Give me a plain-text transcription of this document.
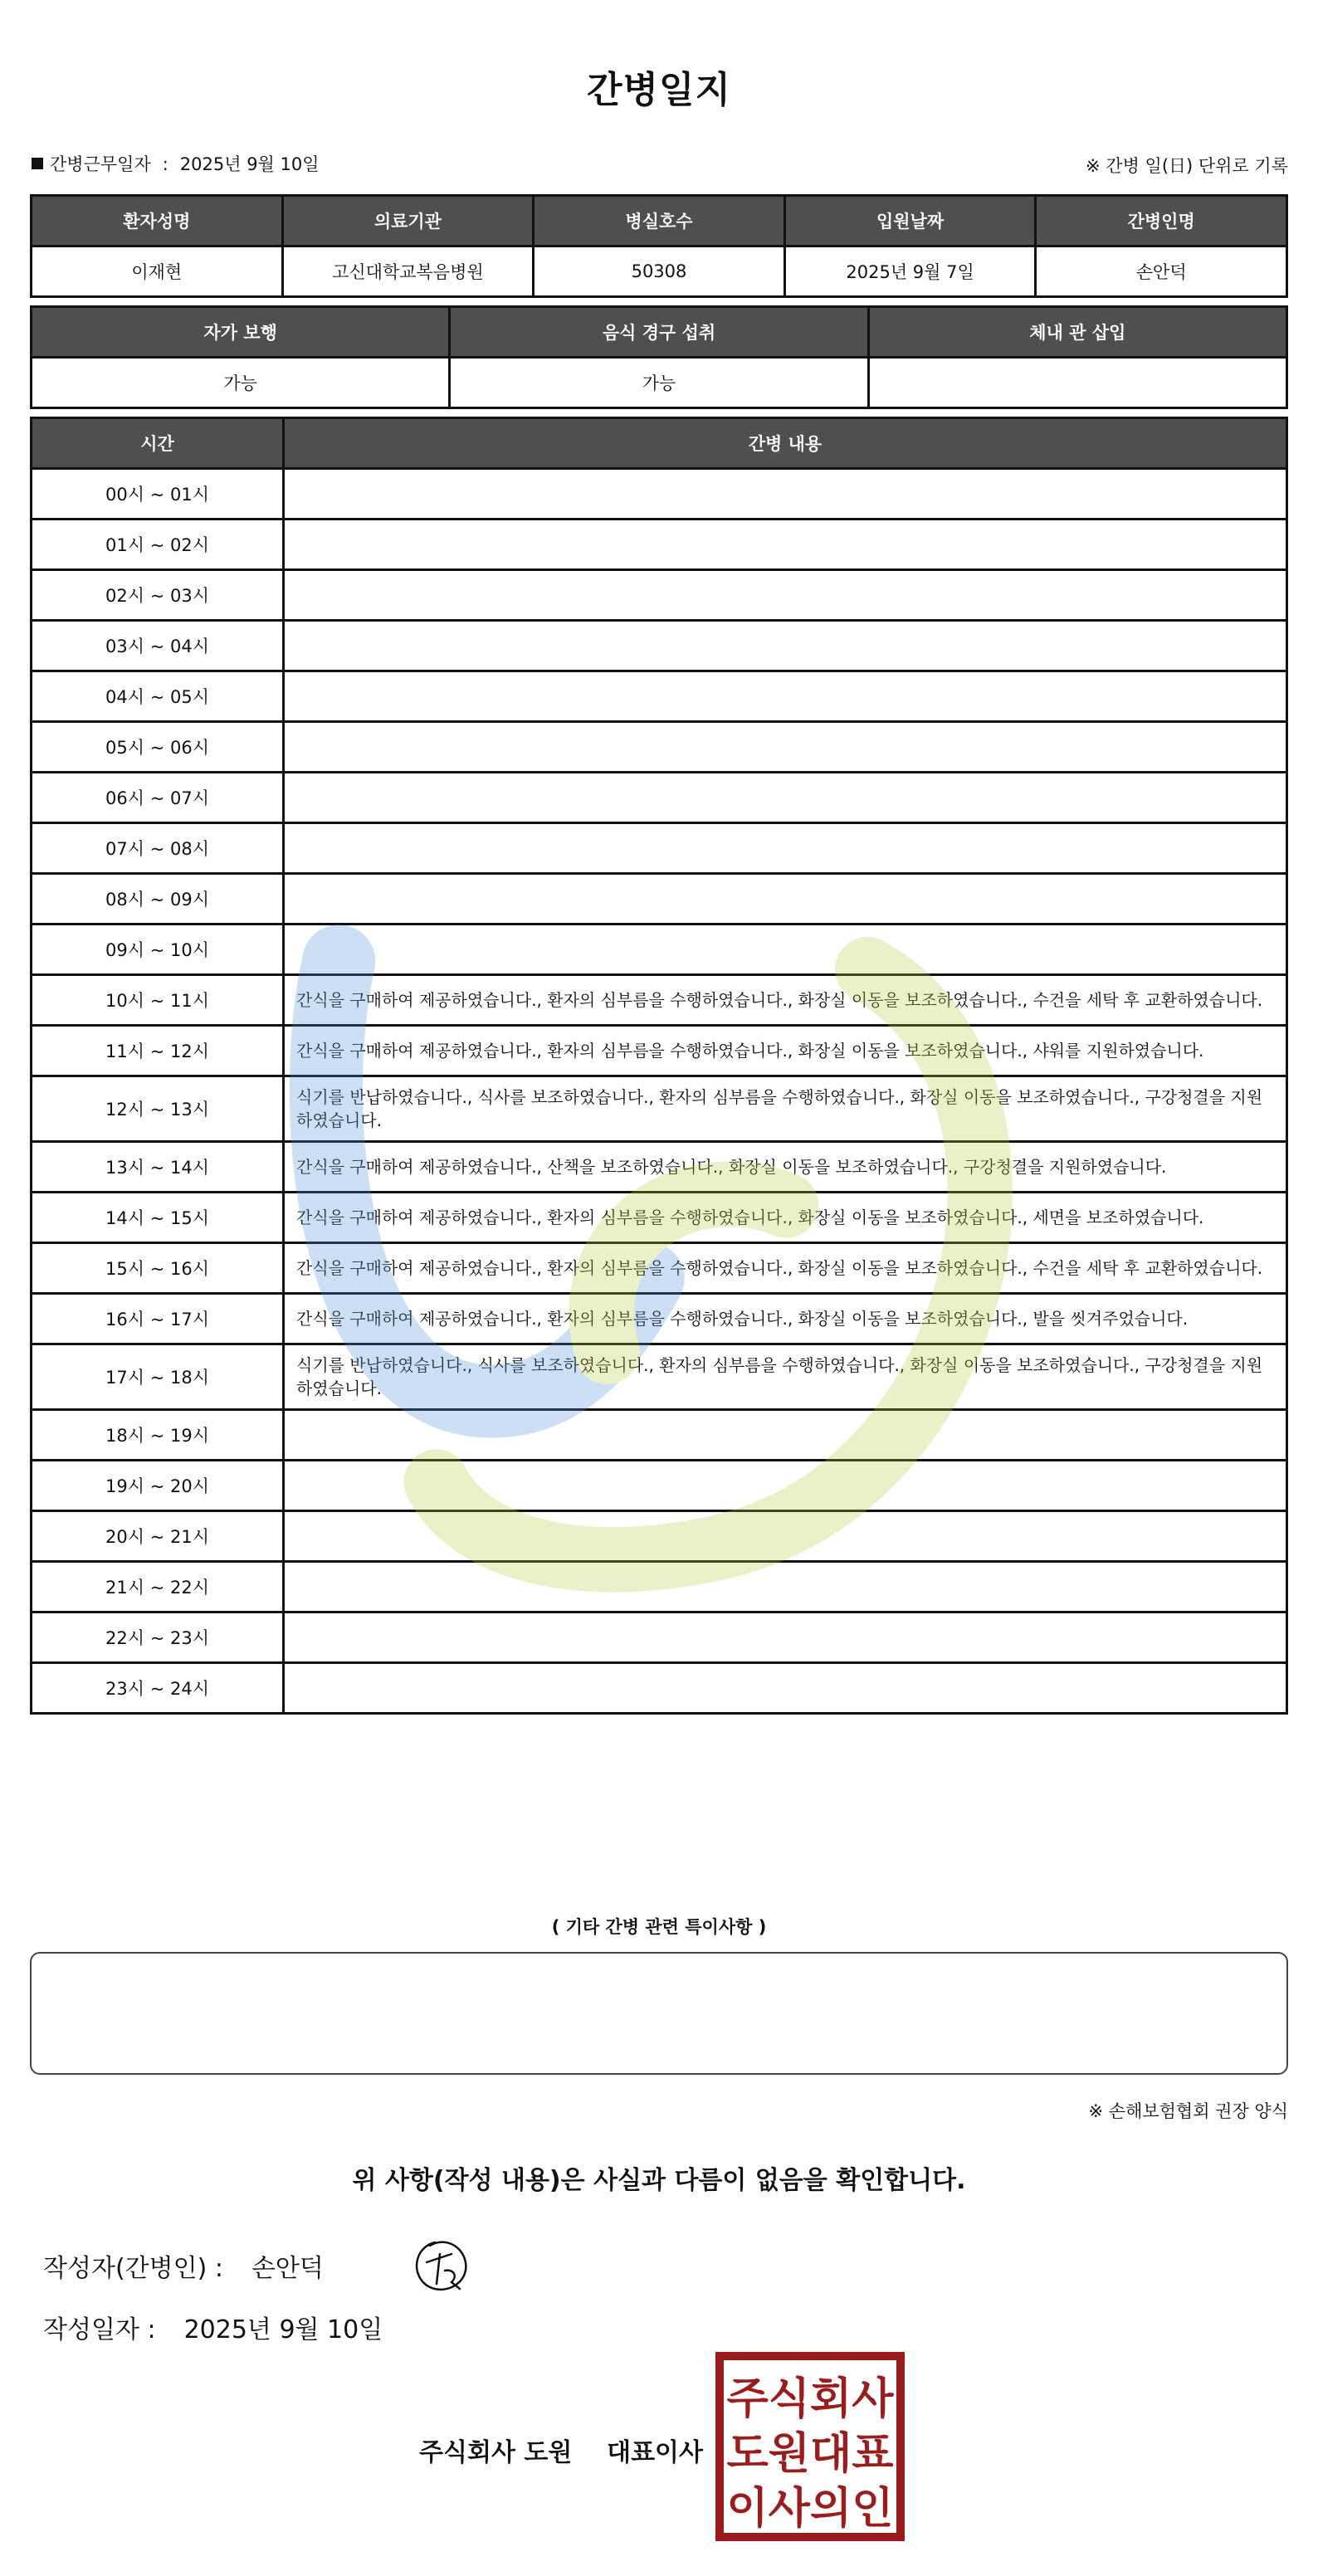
간병일지
간병근무일자 : 2025년 9월 10일	※ 간병 일(日) 단위로 기록
환자성명	의료기관	병실호수	입원날짜	간병인명
이재현	고신대학교복음병원	50308	2025년 9월 7일	손안덕
자가 보행	음식 경구 섭취	체내 관 삽입
가능	가능	
시간	간병 내용
00시 ~ 01시	
01시 ~ 02시	
02시 ~ 03시	
03시 ~ 04시	
04시 ~ 05시	
05시 ~ 06시	
06시 ~ 07시	
07시 ~ 08시	
08시 ~ 09시	
09시 ~ 10시	
10시 ~ 11시	간식을 구매하여 제공하였습니다., 환자의 심부름을 수행하였습니다., 화장실 이동을 보조하였습니다., 수건을 세탁 후 교환하였습니다.
11시 ~ 12시	간식을 구매하여 제공하였습니다., 환자의 심부름을 수행하였습니다., 화장실 이동을 보조하였습니다., 샤워를 지원하였습니다.
12시 ~ 13시	식기를 반납하였습니다., 식사를 보조하였습니다., 환자의 심부름을 수행하였습니다., 화장실 이동을 보조하였습니다., 구강청결을 지원하였습니다.
13시 ~ 14시	간식을 구매하여 제공하였습니다., 산책을 보조하였습니다., 화장실 이동을 보조하였습니다., 구강청결을 지원하였습니다.
14시 ~ 15시	간식을 구매하여 제공하였습니다., 환자의 심부름을 수행하였습니다., 화장실 이동을 보조하였습니다., 세면을 보조하였습니다.
15시 ~ 16시	간식을 구매하여 제공하였습니다., 환자의 심부름을 수행하였습니다., 화장실 이동을 보조하였습니다., 수건을 세탁 후 교환하였습니다.
16시 ~ 17시	간식을 구매하여 제공하였습니다., 환자의 심부름을 수행하였습니다., 화장실 이동을 보조하였습니다., 발을 씻겨주었습니다.
17시 ~ 18시	식기를 반납하였습니다., 식사를 보조하였습니다., 환자의 심부름을 수행하였습니다., 화장실 이동을 보조하였습니다., 구강청결을 지원하였습니다.
18시 ~ 19시	
19시 ~ 20시	
20시 ~ 21시	
21시 ~ 22시	
22시 ~ 23시	
23시 ~ 24시	
( 기타 간병 관련 특이사항 )
※ 손해보험협회 권장 양식
위 사항(작성 내용)은 사실과 다름이 없음을 확인합니다.
작성자(간병인) : 손안덕
작성일자 : 2025년 9월 10일
주식회사 도원    대표이사
주식회사
도원대표
이사의인
